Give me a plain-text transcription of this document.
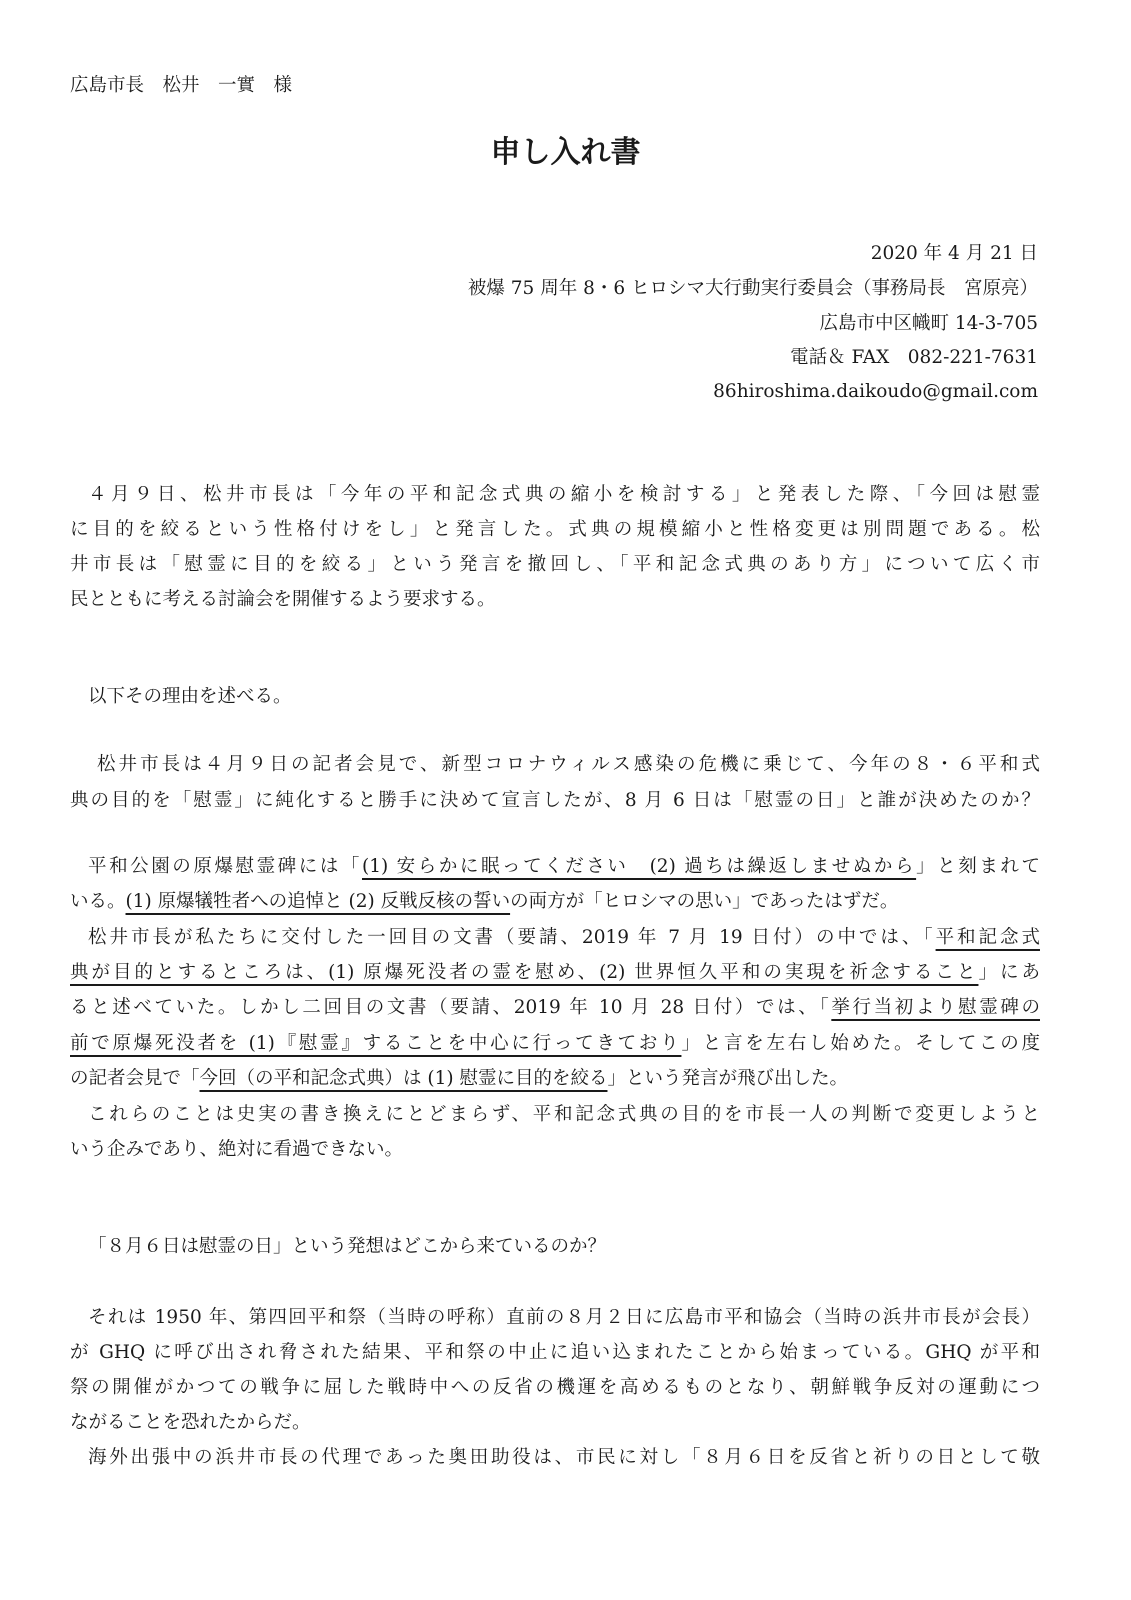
広島市長　松井　一實　様
申し入れ書
2020 年 4 月 21 日
被爆 75 周年 8・6 ヒロシマ大行動実行委員会（事務局長　宮原亮）
広島市中区幟町 14-3-705
電話＆ FAX　082-221-7631
86hiroshima.daikoudo@gmail.com
４月９日、松井市長は「今年の平和記念式典の縮小を検討する」と発表した際、「今回は慰霊
に目的を絞るという性格付けをし」と発言した。式典の規模縮小と性格変更は別問題である。松
井市長は「慰霊に目的を絞る」という発言を撤回し、「平和記念式典のあり方」について広く市
民とともに考える討論会を開催するよう要求する。
以下その理由を述べる。
松井市長は４月９日の記者会見で、新型コロナウィルス感染の危機に乗じて、今年の８・６平和式
典の目的を「慰霊」に純化すると勝手に決めて宣言したが、8 月 6 日は「慰霊の日」と誰が決めたのか？
平和公園の原爆慰霊碑には「(1) 安らかに眠ってください　(2) 過ちは繰返しませぬから」と刻まれて
いる。(1) 原爆犠牲者への追悼と (2) 反戦反核の誓いの両方が「ヒロシマの思い」であったはずだ。
松井市長が私たちに交付した一回目の文書（要請、2019 年 7 月 19 日付）の中では、「平和記念式
典が目的とするところは、(1) 原爆死没者の霊を慰め、(2) 世界恒久平和の実現を祈念すること」にあ
ると述べていた。しかし二回目の文書（要請、2019 年 10 月 28 日付）では、「挙行当初より慰霊碑の
前で原爆死没者を (1)『慰霊』することを中心に行ってきており」と言を左右し始めた。そしてこの度
の記者会見で「今回（の平和記念式典）は (1) 慰霊に目的を絞る」という発言が飛び出した。
これらのことは史実の書き換えにとどまらず、平和記念式典の目的を市長一人の判断で変更しようと
いう企みであり、絶対に看過できない。
「８月６日は慰霊の日」という発想はどこから来ているのか？
それは 1950 年、第四回平和祭（当時の呼称）直前の８月２日に広島市平和協会（当時の浜井市長が会長）
が GHQ に呼び出され脅された結果、平和祭の中止に追い込まれたことから始まっている。GHQ が平和
祭の開催がかつての戦争に屈した戦時中への反省の機運を高めるものとなり、朝鮮戦争反対の運動につ
ながることを恐れたからだ。
海外出張中の浜井市長の代理であった奥田助役は、市民に対し「８月６日を反省と祈りの日として敬
